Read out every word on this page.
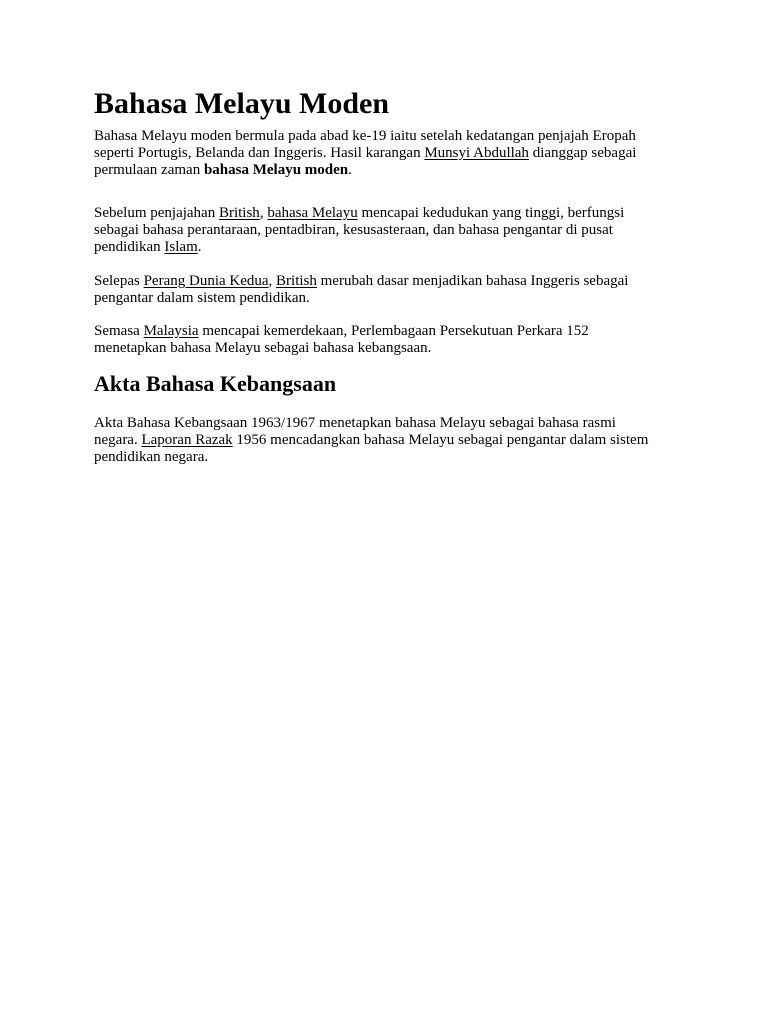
Bahasa Melayu Moden

Bahasa Melayu moden bermula pada abad ke-19 iaitu setelah kedatangan penjajah Eropah
seperti Portugis, Belanda dan Inggeris. Hasil karangan Munsyi Abdullah dianggap sebagai
permulaan zaman bahasa Melayu moden.

Sebelum penjajahan British, bahasa Melayu mencapai kedudukan yang tinggi, berfungsi
sebagai bahasa perantaraan, pentadbiran, kesusasteraan, dan bahasa pengantar di pusat
pendidikan Islam.

Selepas Perang Dunia Kedua, British merubah dasar menjadikan bahasa Inggeris sebagai
pengantar dalam sistem pendidikan.

Semasa Malaysia mencapai kemerdekaan, Perlembagaan Persekutuan Perkara 152
menetapkan bahasa Melayu sebagai bahasa kebangsaan.

Akta Bahasa Kebangsaan

Akta Bahasa Kebangsaan 1963/1967 menetapkan bahasa Melayu sebagai bahasa rasmi
negara. Laporan Razak 1956 mencadangkan bahasa Melayu sebagai pengantar dalam sistem
pendidikan negara.
